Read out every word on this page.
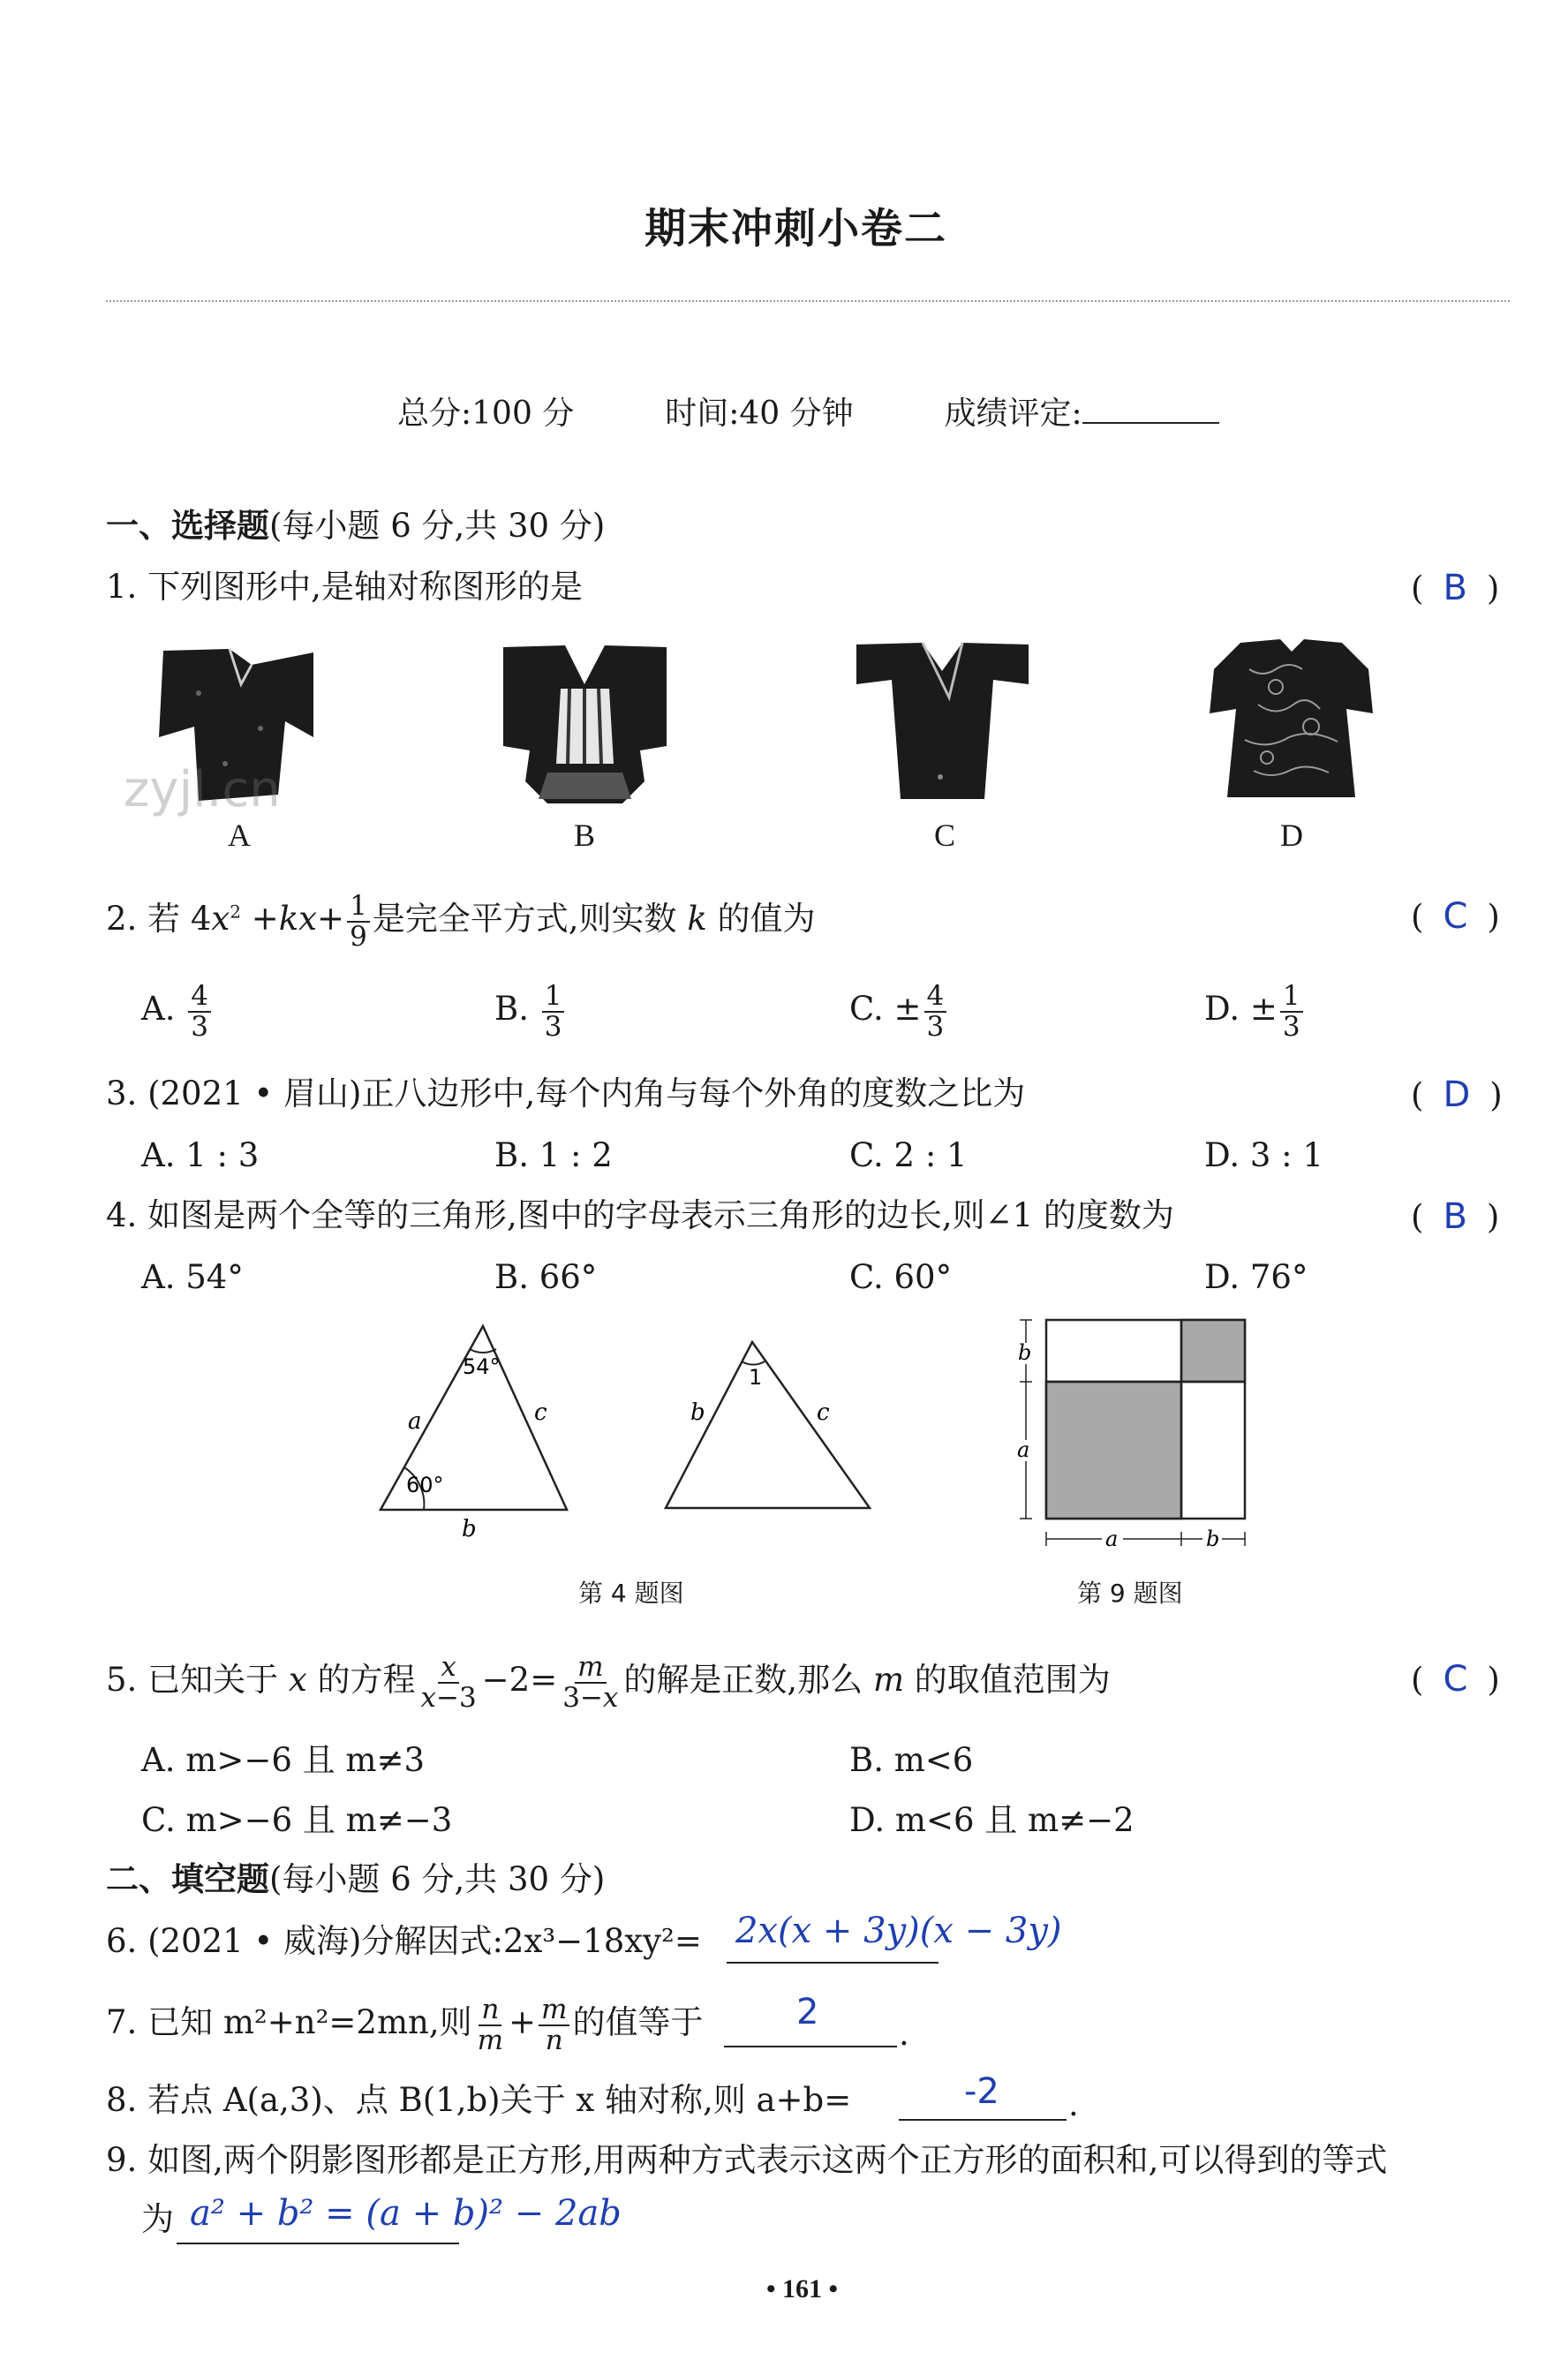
期末冲刺小卷二
总分:100 分	时间:40 分钟	成绩评定:
一、选择题(每小题 6 分,共 30 分)
1. 下列图形中,是轴对称图形的是	( B )
A
zyjl.cn
B	C	D
2. 若 $4x^2 +kx+ \frac{1}{9}$ 是完全平方式,则实数 k 的值为	( C )
A. $\frac{4}{3}$	B. $\frac{1}{3}$	C. ± $\frac{4}{3}$	D. ± $\frac{1}{3}$
3. (2021 • 眉山)正八边形中,每个内角与每个外角的度数之比为	( D )
A. 1 : 3	B. 1 : 2	C. 2 : 1	D. 3 : 1
4. 如图是两个全等的三角形,图中的字母表示三角形的边长,则∠1 的度数为	( B )
A. 54°	B. 66°	C. 60°	D. 76°
54°
60°
a	c
b
1
b	c
第 4 题图
b
a
a	b
第 9 题图
5. 已知关于 x 的方程 $\frac{x}{x-3} -2= \frac{m}{3-x}$ 的解是正数,那么 m 的取值范围为	( C )
A. m>−6 且 m≠3	B. m<6
C. m>−6 且 m≠−3	D. m<6 且 m≠−2
二、填空题(每小题 6 分,共 30 分)
6. (2021 • 威海)分解因式:2x³−18xy²= 2x(x + 3y)(x − 3y)
7. 已知 m²+n²=2mn,则 $\frac{n}{m} + \frac{m}{n}$ 的值等于	2
.
8. 若点 A(a,3)、点 B(1,b)关于 x 轴对称,则 a+b=	-2 .
9. 如图,两个阴影图形都是正方形,用两种方式表示这两个正方形的面积和,可以得到的等式
为 a² + b² = (a + b)² − 2ab
• 161 •
